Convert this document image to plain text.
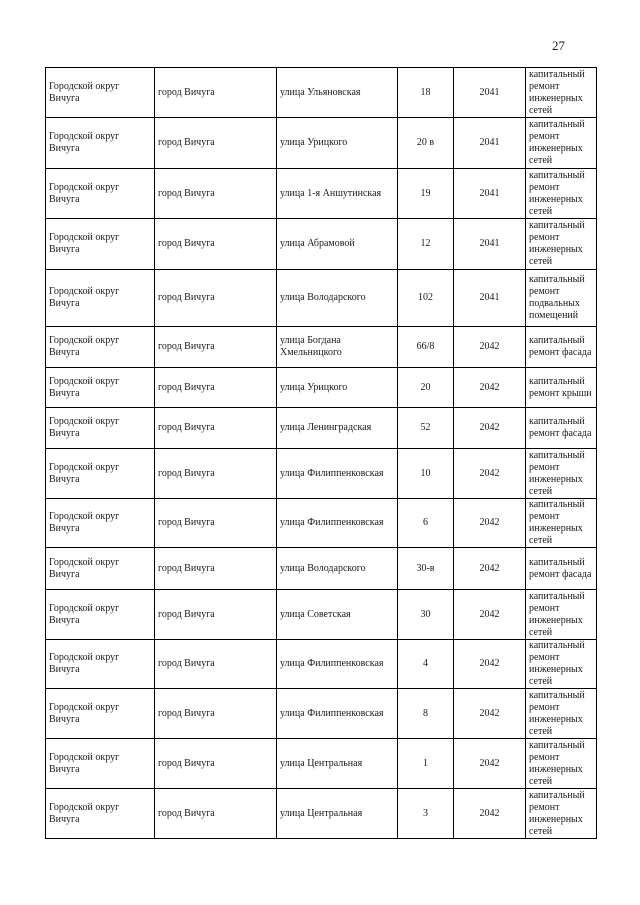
27
Городской округ Вичуга	город Вичуга	улица Ульяновская	18	2041	капитальный ремонт инженерных сетей
Городской округ Вичуга	город Вичуга	улица Урицкого	20 в	2041	капитальный ремонт инженерных сетей
Городской округ Вичуга	город Вичуга	улица 1-я Аншутинская	19	2041	капитальный ремонт инженерных сетей
Городской округ Вичуга	город Вичуга	улица Абрамовой	12	2041	капитальный ремонт инженерных сетей
Городской округ Вичуга	город Вичуга	улица Володарского	102	2041	капитальный ремонт подвальных помещений
Городской округ Вичуга	город Вичуга	улица Богдана Хмельницкого	66/8	2042	капитальный ремонт фасада
Городской округ Вичуга	город Вичуга	улица Урицкого	20	2042	капитальный ремонт крыши
Городской округ Вичуга	город Вичуга	улица Ленинградская	52	2042	капитальный ремонт фасада
Городской округ Вичуга	город Вичуга	улица Филиппенковская	10	2042	капитальный ремонт инженерных сетей
Городской округ Вичуга	город Вичуга	улица Филиппенковская	6	2042	капитальный ремонт инженерных сетей
Городской округ Вичуга	город Вичуга	улица Володарского	30-в	2042	капитальный ремонт фасада
Городской округ Вичуга	город Вичуга	улица Советская	30	2042	капитальный ремонт инженерных сетей
Городской округ Вичуга	город Вичуга	улица Филиппенковская	4	2042	капитальный ремонт инженерных сетей
Городской округ Вичуга	город Вичуга	улица Филиппенковская	8	2042	капитальный ремонт инженерных сетей
Городской округ Вичуга	город Вичуга	улица Центральная	1	2042	капитальный ремонт инженерных сетей
Городской округ Вичуга	город Вичуга	улица Центральная	3	2042	капитальный ремонт инженерных сетей
